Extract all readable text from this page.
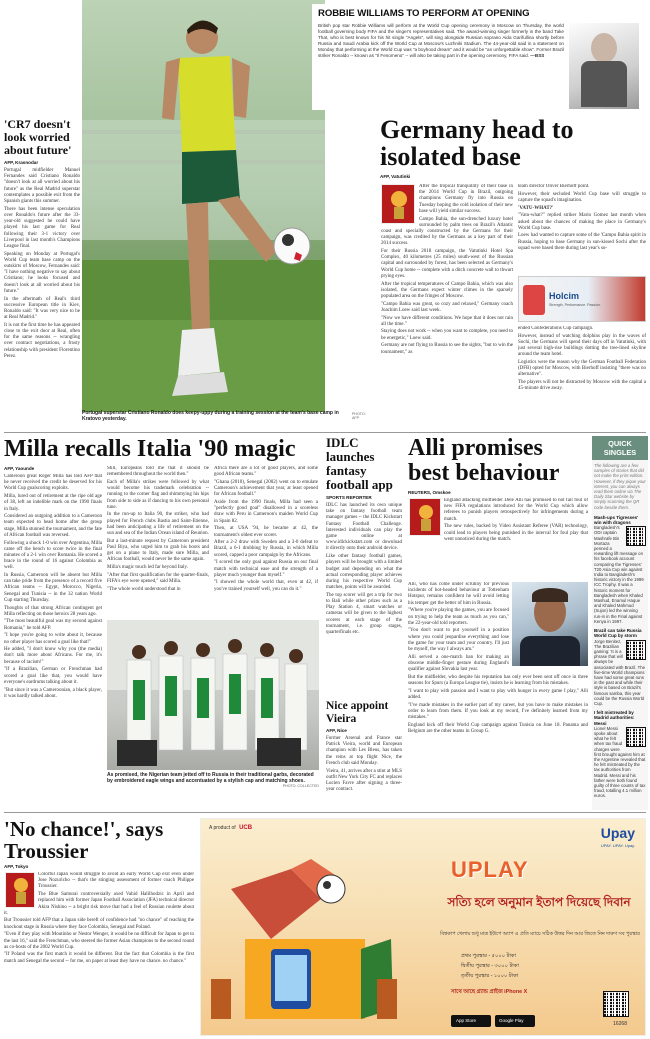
ROBBIE WILLIAMS TO PERFORM AT OPENING
British pop star Robbie Williams will perform at the World Cup opening ceremony in Moscow on Thursday, the world football governing body FIFA and the singer's representatives said. The award-winning singer formerly in the band Take That, who is best known for his hit single "Angels", will sing alongside Russian soprano Aida Garifullina shortly before Russia and Saudi Arabia kick off the World Cup at Moscow's Luzhniki Stadium. The 44-year-old said in a statement on Monday that performing at the World Cup was "a boyhood dream" and it would be "an unforgettable show". Former Brazil striker Ronaldo -- known as "Il Fenomeno" -- will also be taking part in the opening ceremony, FIFA said. —BSS
'CR7 doesn't look worried about future'
AFP, Krasnodar

Portugal midfielder Manuel Fernandes said Cristiano Ronaldo "doesn't look at all worried about his future" as the Real Madrid superstar contemplates a possible exit from the Spanish giants this summer.

There has been intense speculation over Ronaldo's future after the 33-year-old suggested he could have played his last game for Real following their 3-1 victory over Liverpool in last month's Champions League final.

Speaking on Monday at Portugal's World Cup team base camp on the outskirts of Moscow, Fernandes said: "I have nothing negative to say about Cristiano; he looks focused and doesn't look at all worried about his future."

In the aftermath of Real's third successive European title in Kiev, Ronaldo said: "It was very nice to be at Real Madrid."

It is not the first time he has appeared close to the exit door at Real, often for the same reasons -- wrangling over contract negotiations, a frosty relationship with president Florentino Perez.

Portugal superstar Cristiano Ronaldo does keepy-uppy during a training session at the team's base camp in Kratovo yesterday.
PHOTO: AFP
Germany head to isolated base
AFP, Vatutinki

After the tropical tranquillity of their base in the 2014 World Cup in Brazil, outgoing champions Germany fly into Russia on Tuesday hoping the cold isolation of their new base will yield similar success.

Campo Bahia, the sun-drenched luxury hotel surrounded by palm trees on Brazil's Atlantic coast and specially constructed by the Germans for their campaign, was credited by the Germans as a key part of their 2014 success.

For their Russia 2018 campaign, the Vatutinki Hotel Spa Complex, 40 kilometres (25 miles) south-west of the Russian capital and surrounded by forest, has been selected as Germany's World Cup home -- complete with a ditch concrete wall to thwart prying eyes.

After the tropical temperatures of Campo Bahia, which was also isolated, the Germans expect winter climes in the sparsely populated area on the fringes of Moscow.

"Campo Bahia was great, so cozy and relaxed," Germany coach Joachim Loew said last week.

"Now we have different conditions. We hope that it does not rain all the time."

Staying does not work -- when you want to complete, you need to be energetic," Loew said.

Germany are not flying to Russia to see the sights, "but to win the tournament," as

team director Oliver Bierhoff point.

However, their secluded World Cup base will struggle to capture the squad's imagination.

'VATU-WHAT?'

"Vatu-what?" replied striker Mario Gomez last month when asked about the chances of making the place in Germany's World Cup base.

Loew had wanted to capture some of the 'Campo Bahia spirit in Russia, hoping to base Germany in sun-kissed Sochi after the squad were based there during last year's so-

Holcim
Strength. Performance. Passion.

ended Confederations Cup campaign.

However, instead of watching dolphins play in the waves of Sochi, the Germans will spend their days off in Vatutinki, with just several high-rise buildings dotting the tree-lined skyline around the team hotel.

Logistics were the reason why the German Football Federation (DFB) opted for Moscow, with Bierhoff insisting "there was no alternative".

The players will not be distracted by Moscow with the capital a 45-minute drive away.

Milla recalls Italia '90 magic
AFP, Yaounde

Cameroon great Roger Milla has told AFP that he never received the credit he deserved for his World Cup goalscoring exploits.

Milla, lured out of retirement at the ripe old age of 38, left an indelible mark on the 1990 finals in Italy.

Considered an outgoing addition to a Cameroon team expected to head home after the group stage, Milla stunned the tournament, and the fate of African football was reversed.

Following a shock 1-0 win over Argentina, Milla came off the bench to score twice in the final minutes of a 2-1 win over Romania. He scored a brace in the round of 16 against Colombia as well.

In Russia, Cameroon will be absent but Milla can take pride from the presence of a record five African teams -- Egypt, Morocco, Nigeria, Senegal and Tunisia -- in the 32 nation World Cup starting Thursday.

Thoughts of that strong African contingent get Milla reflecting on those heroics 28 years ago.

"The most beautiful goal was my second against Romania," he told AFP.

"I hope you're going to write about it, because no other player has scored a goal like that!"

He added, "I don't know why you (the media) don't talk more about Africans. For me, it's because of racism!"

"If a Brazilian, German or Frenchman had scored a goal like that, you would have everyone's eardrums talking about it.

"But since it was a Cameroonian, a black player, it was hardly talked about.

Still, Europeans told me that it should be remembered throughout the world then."

Each of Milla's strikes were followed by what would become his trademark celebration -- running to the corner flag and shimmying his hips from side to side as if dancing to his own personal tune.

In the run-up to Italia 90, the striker, who had played for French clubs Bastia and Saint-Etienne, had been anticipating a life of retirement on the sun and sea of the Indian Ocean island of Reunion.

But a last-minute request by Cameroon president Paul Biya, who urged him to grab his boots and get on a plane to Italy, made sure Milla, and African football, would never be the same again.

Milla's magic touch led far beyond Italy.

"After that first qualification for the quarter-finals, FIFA's eye were opened," said Milla.

"The whole world understood that in

Africa there are a lot of good players, and some good African teams."

"Ghana (2010), Senegal (2002) went on to emulate Cameroon's achievement that year, at least opened for African football."

Aside from the 1990 finals, Milla had seen a "perfectly good goal" disallowed in a scoreless draw with Peru in Cameroon's maiden World Cup in Spain 82.

Then, at USA '94, he became at 42, the tournament's oldest ever scorer.

After a 2-2 draw with Sweden and a 3-0 defeat to Brazil, a 6-1 drubbing by Russia, in which Milla scored, capped a poor campaign by the Africans.

"I scored the only goal against Russia on our final match with technical ease and the strength of a player much younger than myself."

"I showed the whole world that, even at 42, if you've trained yourself well, you can do it."

As promised, the Nigerian team jetted off to Russia in their traditional garbs, decorated by embroidered eagle wings and accentuated by a stylish cap and matching shoes.
PHOTO: COLLECTED
IDLC launches fantasy football app
SPORTS REPORTER

IDLC has launched its own unique take on fantasy football team manager games -- the IDLC Kickstart Fantasy Football Challenge. Interested individuals can play the game online at www.idlckickstart.com or download it directly onto their android device.

Like other fantasy football games, players will be brought with a limited budget and depending on what the actual corresponding player achieves during his respective World Cup matches, points will be awarded.

The top scorer will get a trip for two to Bali while other prizes such as a Play Station 4, smart watches or cameras will be given to the highest scorers at each stage of the tournament, i.e. group stages, quarterfinals etc.

Nice appoint Vieira
AFP, Nice

Former Arsenal and France star Patrick Vieira, world and European champion with Les Bleus, has taken the reins at top flight Nice, the French club said Monday.

Vieira, 41, arrives after a stint at MLS outfit New York City FC and replaces Lucien Favre after signing a three-year contract.

Alli promises best behaviour
REUTERS, Omskoe

England attacking midfielder Dele Alli has promised to not fall foul of new FIFA regulations introduced for the World Cup which allow referees to punish players retrospectively for infringements during a match.

The new rules, backed by Video Assistant Referee (VAR) technology, could lead to players being punished in the interval for foul play that went unnoticed during the match.

Alli, who has come under scrutiny for previous incidents of hot-headed behaviour at Tottenham Hotspur, remains confident he will avoid letting his temper get the better of him in Russia.

"Where you're playing the games, you are focused on trying to help the team as much as you can," the 22-year-old told reporters.

"You don't want to put yourself in a position where you could jeopardise everything and lose the game for your team and your country. I'll just be myself, the way I always am."

Alli served a one-match ban for making an obscene middle-finger gesture during England's qualifier against Slovakia last year.

But the midfielder, who despite his reputation has only ever been sent off once in three seasons for Spurs (a Europa League tie), insists he is learning from his mistakes.

"I want to play with passion and I want to play with hunger in every game I play," Alli added.

"I've made mistakes in the earlier part of my career, but you have to make mistakes in order to learn from them. If you look at my record, I've definitely learned from my mistakes."

England kick off their World Cup campaign against Tunisia on June 18. Panama and Belgium are the other teams in Group G.

QUICK SINGLES
The following are a few samples of stories that did not make the print edition. However, if they pique your interest, you can always read them online via The Daily Star website by simply scanning the QR code beside them.
Mash-ups Tigresses' win with dragons
Bangladesh's ODI captain Mashrafe Bin Mortaza penned a rewarding lift message on his facebook account comparing the Tigresses' T20 Asia Cup win against India to Bangladesh's historic victory in the 1999 ICC Trophy. It was a historic moment for Bangladesh when Khaled Mashud, Enamul Haque and Khaled Mahmud (Sujon) led the winning run-in in the Final against Kenya in 1997.
Brazil can take Russia World Cup by storm
Jorge Benitez, The Brazilian gaming: 'It is a phrase that will always be associated with Brazil. The five-time World champions have had some great runs in the past and while their style is based on Brazil's famous samba, this year could be the Russia World Cup.
I felt mistreated by Madrid authorities: Messi
Lionel Messi spoke about what he felt when tax fraud charges were first brought against him at the Argentine revealed that he felt mistreated by the tax authorities from Madrid. Messi and his father were both found guilty of three counts of tax fraud, totalling 4.1 million euros.
'No chance!', says Troussier
AFP, Tokyo

Colorful Japan would struggle to avoid an early World Cup exit even under Jose Nozuricho -- that's the stinging assessment of former coach Philippe Troussier.

The Blue Samurai controversially axed Vahid Halilhodzic in April and replaced him with former Japan Football Association (JFA) technical director Akira Nishino -- a bright risk move that had a feel of Russian roulette about it.

But Troussier told AFP that a Japan side bereft of confidence had "no chance" of reaching the knockout stage in Russia where they face Colombia, Senegal and Poland.

"Even if they play with Moutinho or Nestor Wenger, it would be no difficult for Japan to get to the last 16," said the Frenchman, who steered the former Asian champions to the second round as co-hosts of the 2002 World Cup.

"If Poland was the first match it would be different. But the fact that Colombia is the first match and Senegal the second -- for me, on paper at least they have no chance. no chance."

A product of UCB	Upay
UPAY. UPAY. Upay.
UPLAY
সত্যি হলে অনুমান ইতাপ দিয়েছে দিবান
বিশ্বকাপ খেলায় শুধু মাত্র ইউপে অ্যাপ এ প্রতি ম্যাচে সঠিক উত্তর দিন আর জিতে নিন দারুণ সব পুরস্কার
প্রথম পুরস্কার - ৫০০০ টাকা
দ্বিতীয় পুরস্কার - ৩০০০ টাকা
তৃতীয় পুরস্কার - ১০০০ টাকা
সাথে আছে গ্র্যান্ড প্রাইজ iPhone X
App Store	Google Play
16268
